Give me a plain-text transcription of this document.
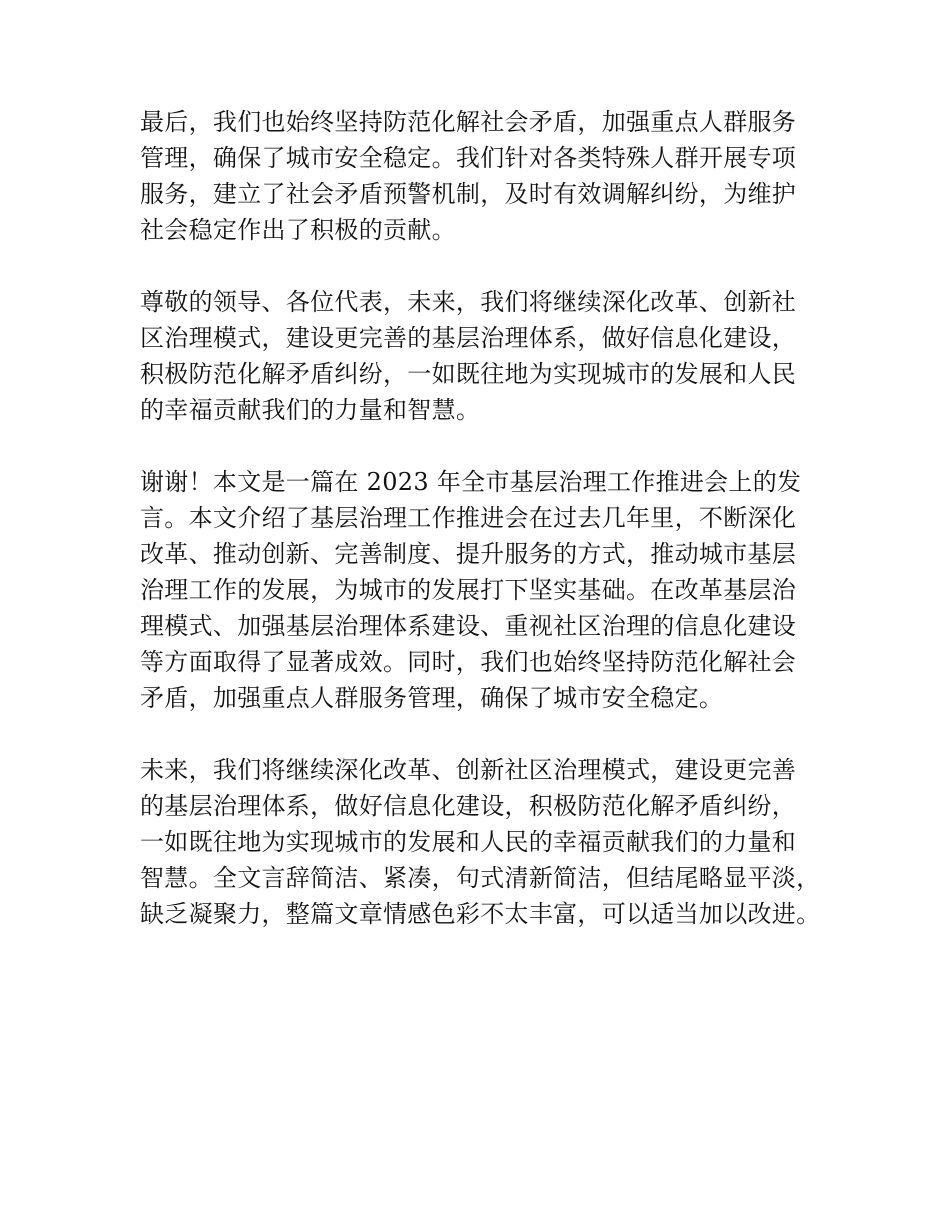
最后，我们也始终坚持防范化解社会矛盾，加强重点人群服务
管理，确保了城市安全稳定。我们针对各类特殊人群开展专项
服务，建立了社会矛盾预警机制，及时有效调解纠纷，为维护
社会稳定作出了积极的贡献。

尊敬的领导、各位代表，未来，我们将继续深化改革、创新社
区治理模式，建设更完善的基层治理体系，做好信息化建设，
积极防范化解矛盾纠纷，一如既往地为实现城市的发展和人民
的幸福贡献我们的力量和智慧。

谢谢！本文是一篇在 2023 年全市基层治理工作推进会上的发
言。本文介绍了基层治理工作推进会在过去几年里，不断深化
改革、推动创新、完善制度、提升服务的方式，推动城市基层
治理工作的发展，为城市的发展打下坚实基础。在改革基层治
理模式、加强基层治理体系建设、重视社区治理的信息化建设
等方面取得了显著成效。同时，我们也始终坚持防范化解社会
矛盾，加强重点人群服务管理，确保了城市安全稳定。

未来，我们将继续深化改革、创新社区治理模式，建设更完善
的基层治理体系，做好信息化建设，积极防范化解矛盾纠纷，
一如既往地为实现城市的发展和人民的幸福贡献我们的力量和
智慧。全文言辞简洁、紧凑，句式清新简洁，但结尾略显平淡，
缺乏凝聚力，整篇文章情感色彩不太丰富，可以适当加以改进。
